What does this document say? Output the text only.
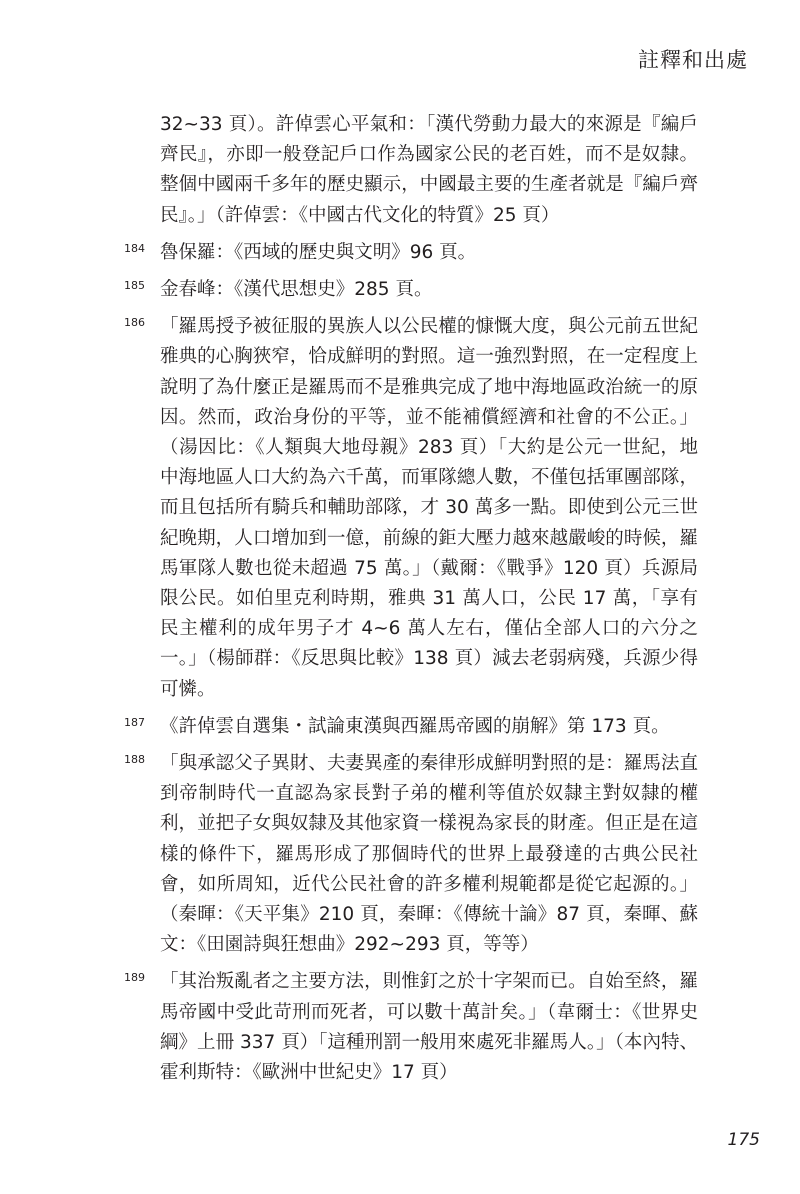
註釋和出處
32~33 頁）。許倬雲心平氣和：「漢代勞動力最大的來源是『編戶齊民』，亦即一般登記戶口作為國家公民的老百姓，而不是奴隸。整個中國兩千多年的歷史顯示，中國最主要的生產者就是『編戶齊民』。」（許倬雲：《中國古代文化的特質》25 頁）
184 魯保羅：《西域的歷史與文明》96 頁。
185 金春峰：《漢代思想史》285 頁。
186 「羅馬授予被征服的異族人以公民權的慷慨大度，與公元前五世紀雅典的心胸狹窄，恰成鮮明的對照。這一強烈對照，在一定程度上說明了為什麼正是羅馬而不是雅典完成了地中海地區政治統一的原因。然而，政治身份的平等，並不能補償經濟和社會的不公正。」（湯因比：《人類與大地母親》283 頁）「大約是公元一世紀，地中海地區人口大約為六千萬，而軍隊總人數，不僅包括軍團部隊，而且包括所有騎兵和輔助部隊，才 30 萬多一點。即使到公元三世紀晚期，人口增加到一億，前線的鉅大壓力越來越嚴峻的時候，羅馬軍隊人數也從未超過 75 萬。」（戴爾：《戰爭》120 頁）兵源局限公民。如伯里克利時期，雅典 31 萬人口，公民 17 萬，「享有民主權利的成年男子才 4~6 萬人左右，僅佔全部人口的六分之一。」（楊師群：《反思與比較》138 頁）減去老弱病殘，兵源少得可憐。
187 《許倬雲自選集・試論東漢與西羅馬帝國的崩解》第 173 頁。
188 「與承認父子異財、夫妻異產的秦律形成鮮明對照的是：羅馬法直到帝制時代一直認為家長對子弟的權利等值於奴隸主對奴隸的權利，並把子女與奴隸及其他家資一樣視為家長的財產。但正是在這樣的條件下，羅馬形成了那個時代的世界上最發達的古典公民社會，如所周知，近代公民社會的許多權利規範都是從它起源的。」（秦暉：《天平集》210 頁，秦暉：《傳統十論》87 頁，秦暉、蘇文：《田園詩與狂想曲》292~293 頁，等等）
189 「其治叛亂者之主要方法，則惟釘之於十字架而已。自始至終，羅馬帝國中受此苛刑而死者，可以數十萬計矣。」（韋爾士：《世界史綱》上冊 337 頁）「這種刑罰一般用來處死非羅馬人。」（本內特、霍利斯特：《歐洲中世紀史》17 頁）
175
